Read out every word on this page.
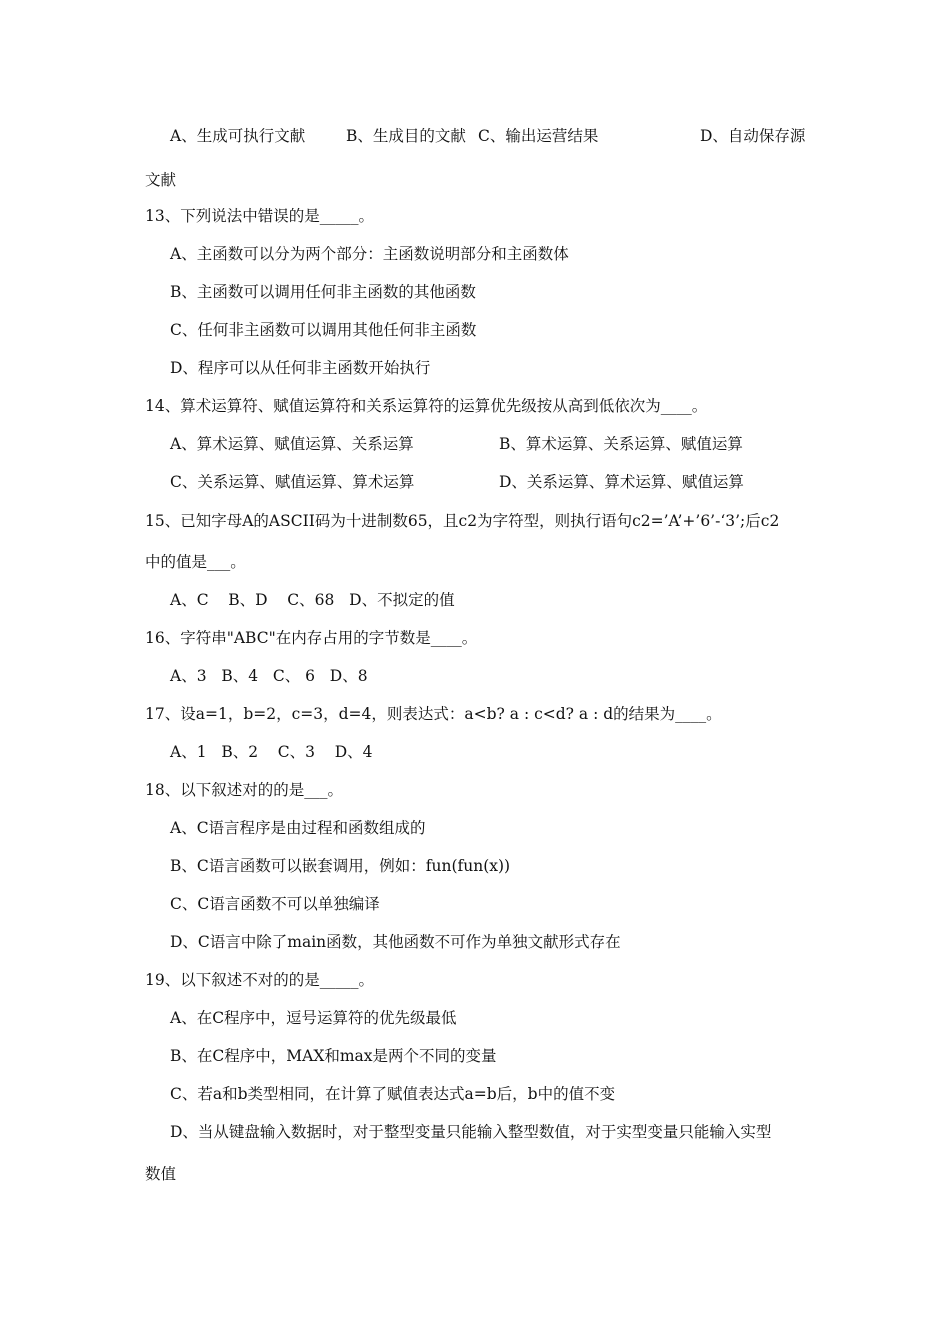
A、生成可执行文献	B、生成目的文献 C、输出运营结果	D、自动保存源
文献
13、下列说法中错误的是_____。
A、主函数可以分为两个部分：主函数说明部分和主函数体
B、主函数可以调用任何非主函数的其他函数
C、任何非主函数可以调用其他任何非主函数
D、程序可以从任何非主函数开始执行
14、算术运算符、赋值运算符和关系运算符的运算优先级按从高到低依次为____。
A、算术运算、赋值运算、关系运算	B、算术运算、关系运算、赋值运算
C、关系运算、赋值运算、算术运算	D、关系运算、算术运算、赋值运算
15、已知字母A的ASCII码为十进制数65，且c2为字符型，则执行语句c2=’A’+’6’-‘3’;后c2
中的值是___。
A、C    B、D    C、68   D、不拟定的值
16、字符串"ABC"在内存占用的字节数是____。
A、3   B、4   C、 6   D、8
17、设a=1，b=2，c=3，d=4，则表达式：a<b? a : c<d? a : d的结果为____。
A、1   B、2    C、3    D、4
18、以下叙述对的的是___。
A、C语言程序是由过程和函数组成的
B、C语言函数可以嵌套调用，例如：fun(fun(x))
C、C语言函数不可以单独编译
D、C语言中除了main函数，其他函数不可作为单独文献形式存在
19、以下叙述不对的的是_____。
A、在C程序中，逗号运算符的优先级最低
B、在C程序中，MAX和max是两个不同的变量
C、若a和b类型相同，在计算了赋值表达式a=b后，b中的值不变
D、当从键盘输入数据时，对于整型变量只能输入整型数值，对于实型变量只能输入实型
数值
